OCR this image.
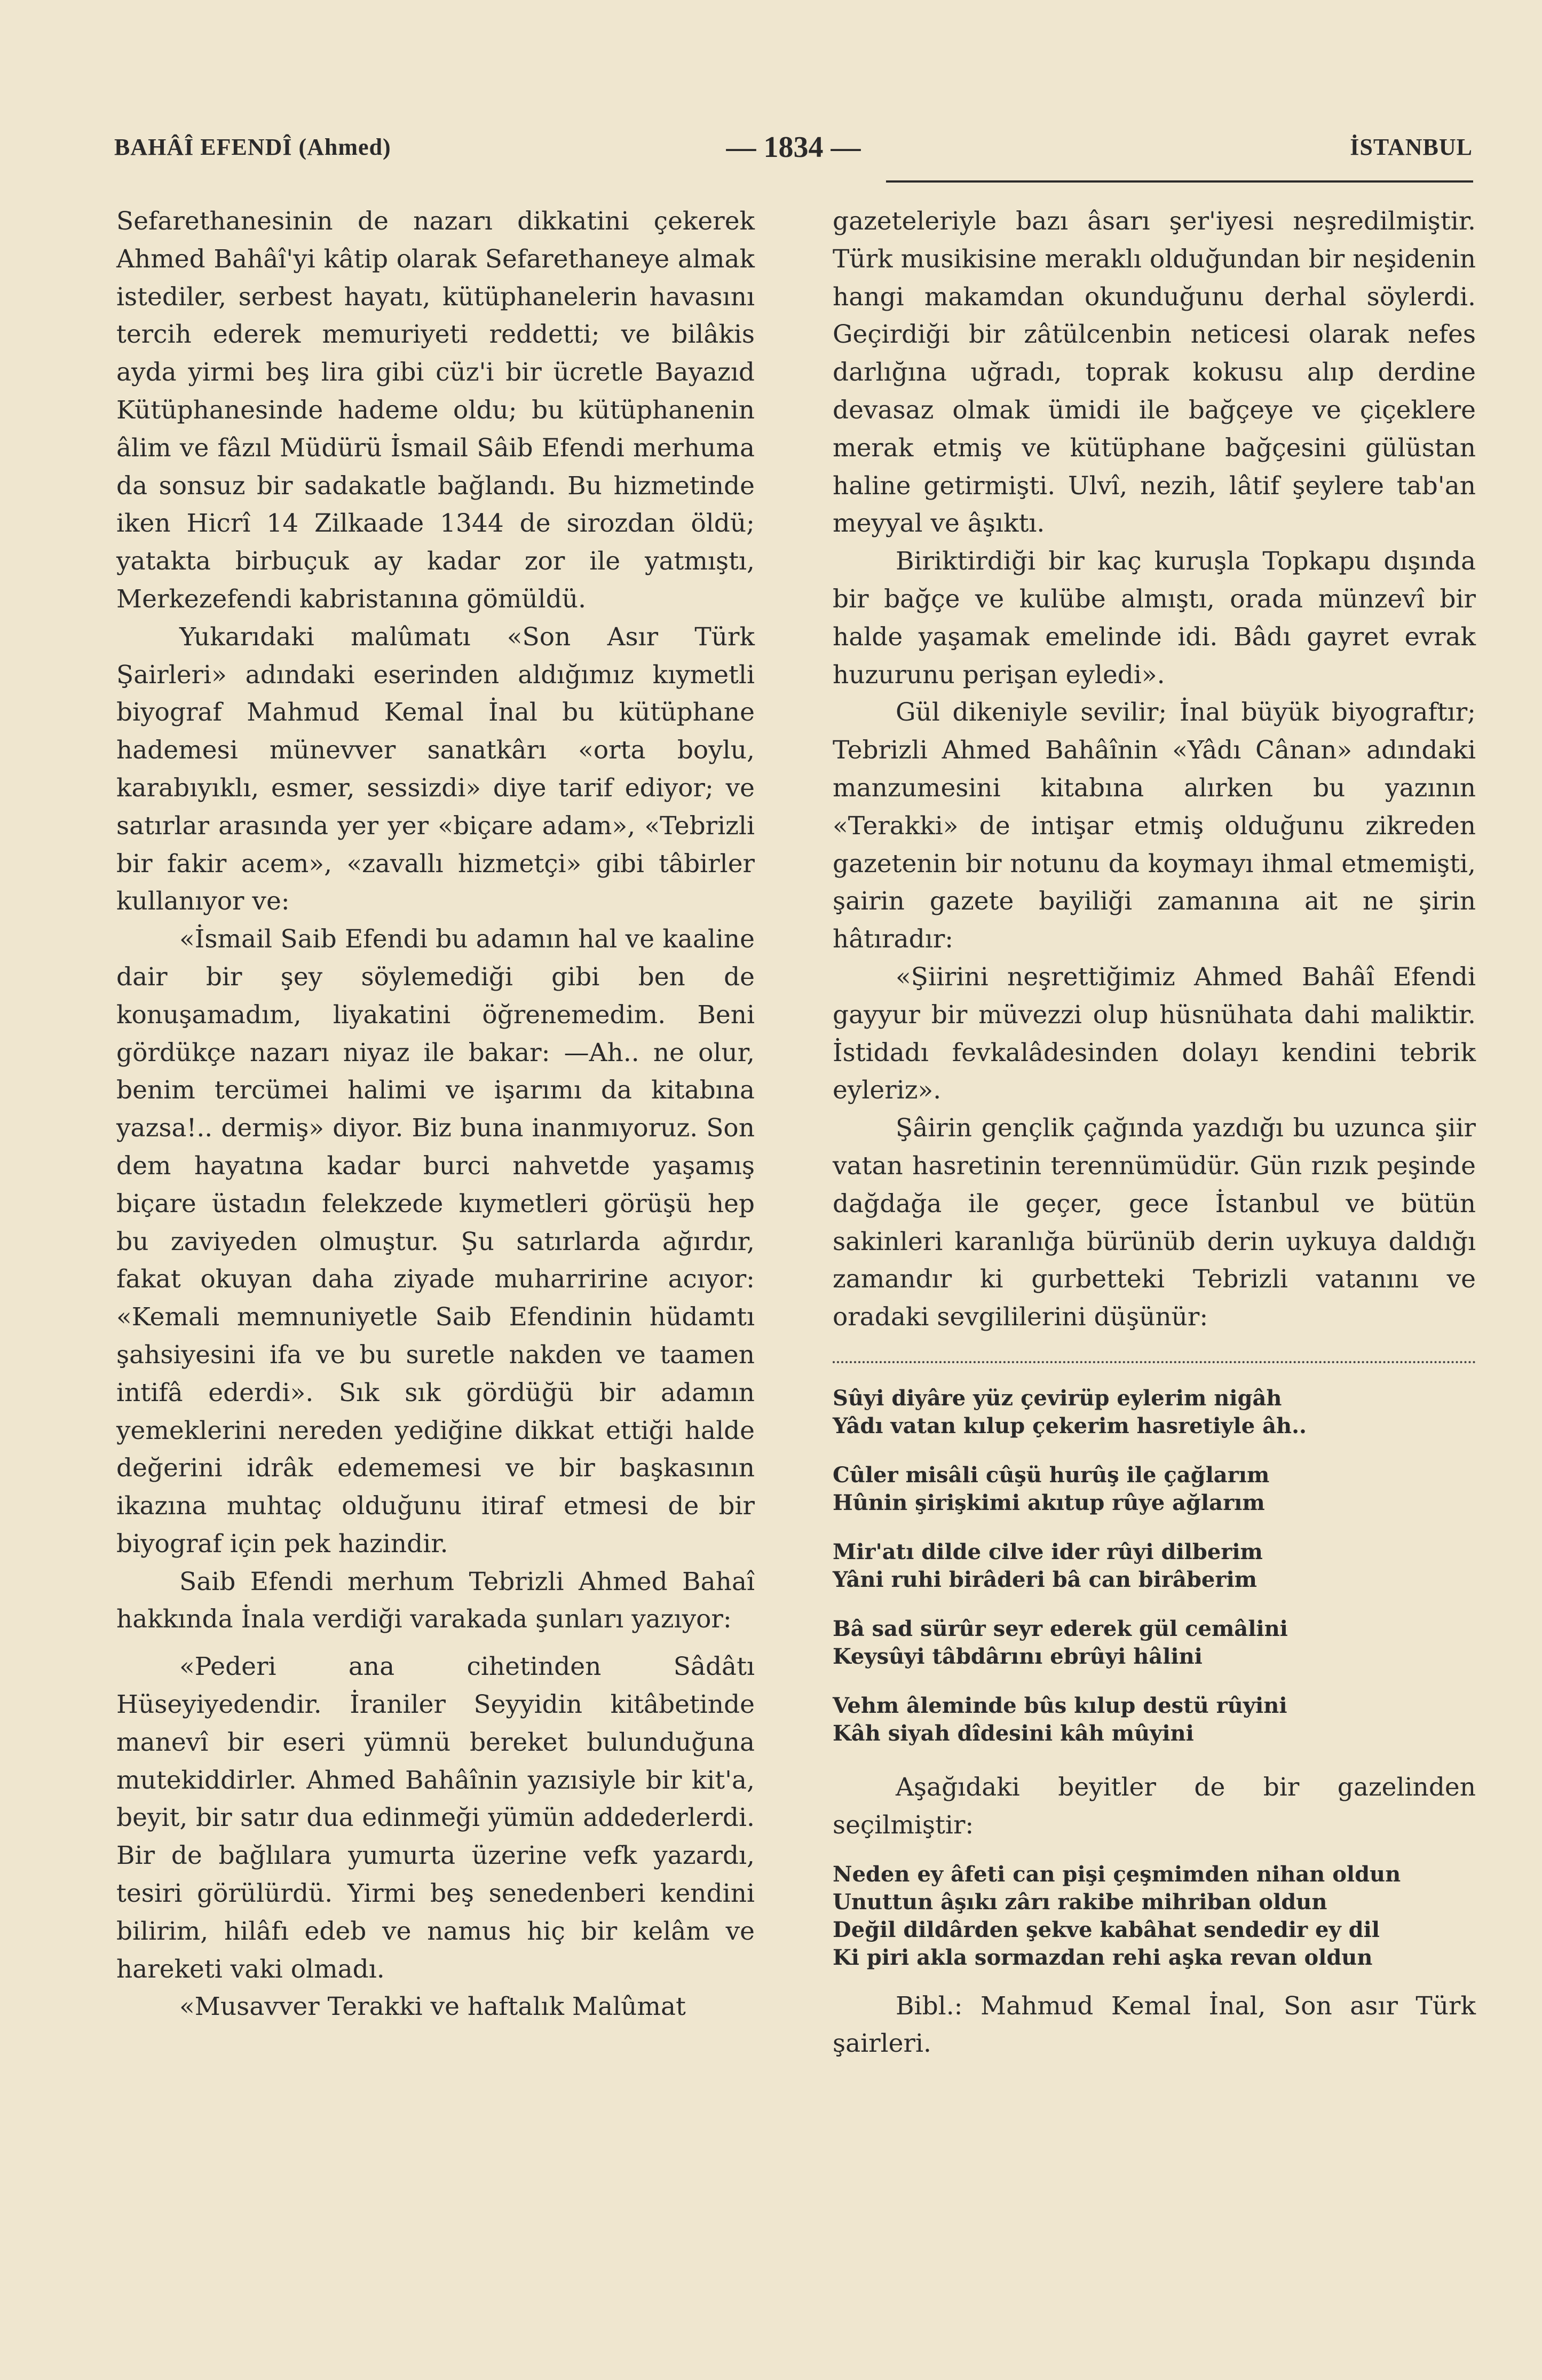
BAHÂÎ EFENDÎ (Ahmed)	— 1834 —	İSTANBUL

Sefarethanesinin de nazarı dikkatini çekerek Ahmed Bahâî'yi kâtip olarak Sefarethaneye almak istediler, serbest hayatı, kütüphanelerin havasını tercih ederek memuriyeti reddetti; ve bilâkis ayda yirmi beş lira gibi cüz'i bir ücretle Bayazıd Kütüphanesinde hademe oldu; bu kütüphanenin âlim ve fâzıl Müdürü İsmail Sâib Efendi merhuma da sonsuz bir sadakatle bağlandı. Bu hizmetinde iken Hicrî 14 Zilkaade 1344 de sirozdan öldü; yatakta birbuçuk ay kadar zor ile yatmıştı, Merkezefendi kabristanına gömüldü.

Yukarıdaki malûmatı «Son Asır Türk Şairleri» adındaki eserinden aldığımız kıymetli biyograf Mahmud Kemal İnal bu kütüphane hademesi münevver sanatkârı «orta boylu, karabıyıklı, esmer, sessizdi» diye tarif ediyor; ve satırlar arasında yer yer «biçare adam», «Tebrizli bir fakir acem», «zavallı hizmetçi» gibi tâbirler kullanıyor ve:

«İsmail Saib Efendi bu adamın hal ve kaaline dair bir şey söylemediği gibi ben de konuşamadım, liyakatini öğrenemedim. Beni gördükçe nazarı niyaz ile bakar: —Ah.. ne olur, benim tercümei halimi ve işarımı da kitabına yazsa!.. dermiş» diyor. Biz buna inanmıyoruz. Son dem hayatına kadar burci nahvetde yaşamış biçare üstadın felekzede kıymetleri görüşü hep bu zaviyeden olmuştur. Şu satırlarda ağırdır, fakat okuyan daha ziyade muharririne acıyor: «Kemali memnuniyetle Saib Efendinin hüdamtı şahsiyesini ifa ve bu suretle nakden ve taamen intifâ ederdi». Sık sık gördüğü bir adamın yemeklerini nereden yediğine dikkat ettiği halde değerini idrâk edememesi ve bir başkasının ikazına muhtaç olduğunu itiraf etmesi de bir biyograf için pek hazindir.

Saib Efendi merhum Tebrizli Ahmed Bahaî hakkında İnala verdiği varakada şunları yazıyor:

«Pederi ana cihetinden Sâdâtı Hüseyiyedendir. İraniler Seyyidin kitâbetinde manevî bir eseri yümnü bereket bulunduğuna mutekiddirler. Ahmed Bahâînin yazısiyle bir kit'a, beyit, bir satır dua edinmeği yümün addederlerdi. Bir de bağlılara yumurta üzerine vefk yazardı, tesiri görülürdü. Yirmi beş senedenberi kendini bilirim, hilâfı edeb ve namus hiç bir kelâm ve hareketi vaki olmadı.

«Musavver Terakki ve haftalık Malûmat

gazeteleriyle bazı âsarı şer'iyesi neşredilmiştir. Türk musikisine meraklı olduğundan bir neşidenin hangi makamdan okunduğunu derhal söylerdi. Geçirdiği bir zâtülcenbin neticesi olarak nefes darlığına uğradı, toprak kokusu alıp derdine devasaz olmak ümidi ile bağçeye ve çiçeklere merak etmiş ve kütüphane bağçesini gülüstan haline getirmişti. Ulvî, nezih, lâtif şeylere tab'an meyyal ve âşıktı.

Biriktirdiği bir kaç kuruşla Topkapu dışında bir bağçe ve kulübe almıştı, orada münzevî bir halde yaşamak emelinde idi. Bâdı gayret evrak huzurunu perişan eyledi».

Gül dikeniyle sevilir; İnal büyük biyograftır; Tebrizli Ahmed Bahâînin «Yâdı Cânan» adındaki manzumesini kitabına alırken bu yazının «Terakki» de intişar etmiş olduğunu zikreden gazetenin bir notunu da koymayı ihmal etmemişti, şairin gazete bayiliği zamanına ait ne şirin hâtıradır:

«Şiirini neşrettiğimiz Ahmed Bahâî Efendi gayyur bir müvezzi olup hüsnühata dahi maliktir. İstidadı fevkalâdesinden dolayı kendini tebrik eyleriz».

Şâirin gençlik çağında yazdığı bu uzunca şiir vatan hasretinin terennümüdür. Gün rızık peşinde dağdağa ile geçer, gece İstanbul ve bütün sakinleri karanlığa bürünüb derin uykuya daldığı zamandır ki gurbetteki Tebrizli vatanını ve oradaki sevgililerini düşünür:

Sûyi diyâre yüz çevirüp eylerim nigâh
Yâdı vatan kılup çekerim hasretiyle âh..
Cûler misâli cûşü hurûş ile çağlarım
Hûnin şirişkimi akıtup rûye ağlarım
Mir'atı dilde cilve ider rûyi dilberim
Yâni ruhi birâderi bâ can birâberim
Bâ sad sürûr seyr ederek gül cemâlini
Keysûyi tâbdârını ebrûyi hâlini
Vehm âleminde bûs kılup destü rûyini
Kâh siyah dîdesini kâh mûyini

Aşağıdaki beyitler de bir gazelinden seçilmiştir:

Neden ey âfeti can pişi çeşmimden nihan oldun
Unuttun âşıkı zârı rakibe mihriban oldun
Değil dildârden şekve kabâhat sendedir ey dil
Ki piri akla sormazdan rehi aşka revan oldun

Bibl.: Mahmud Kemal İnal, Son asır Türk şairleri.
